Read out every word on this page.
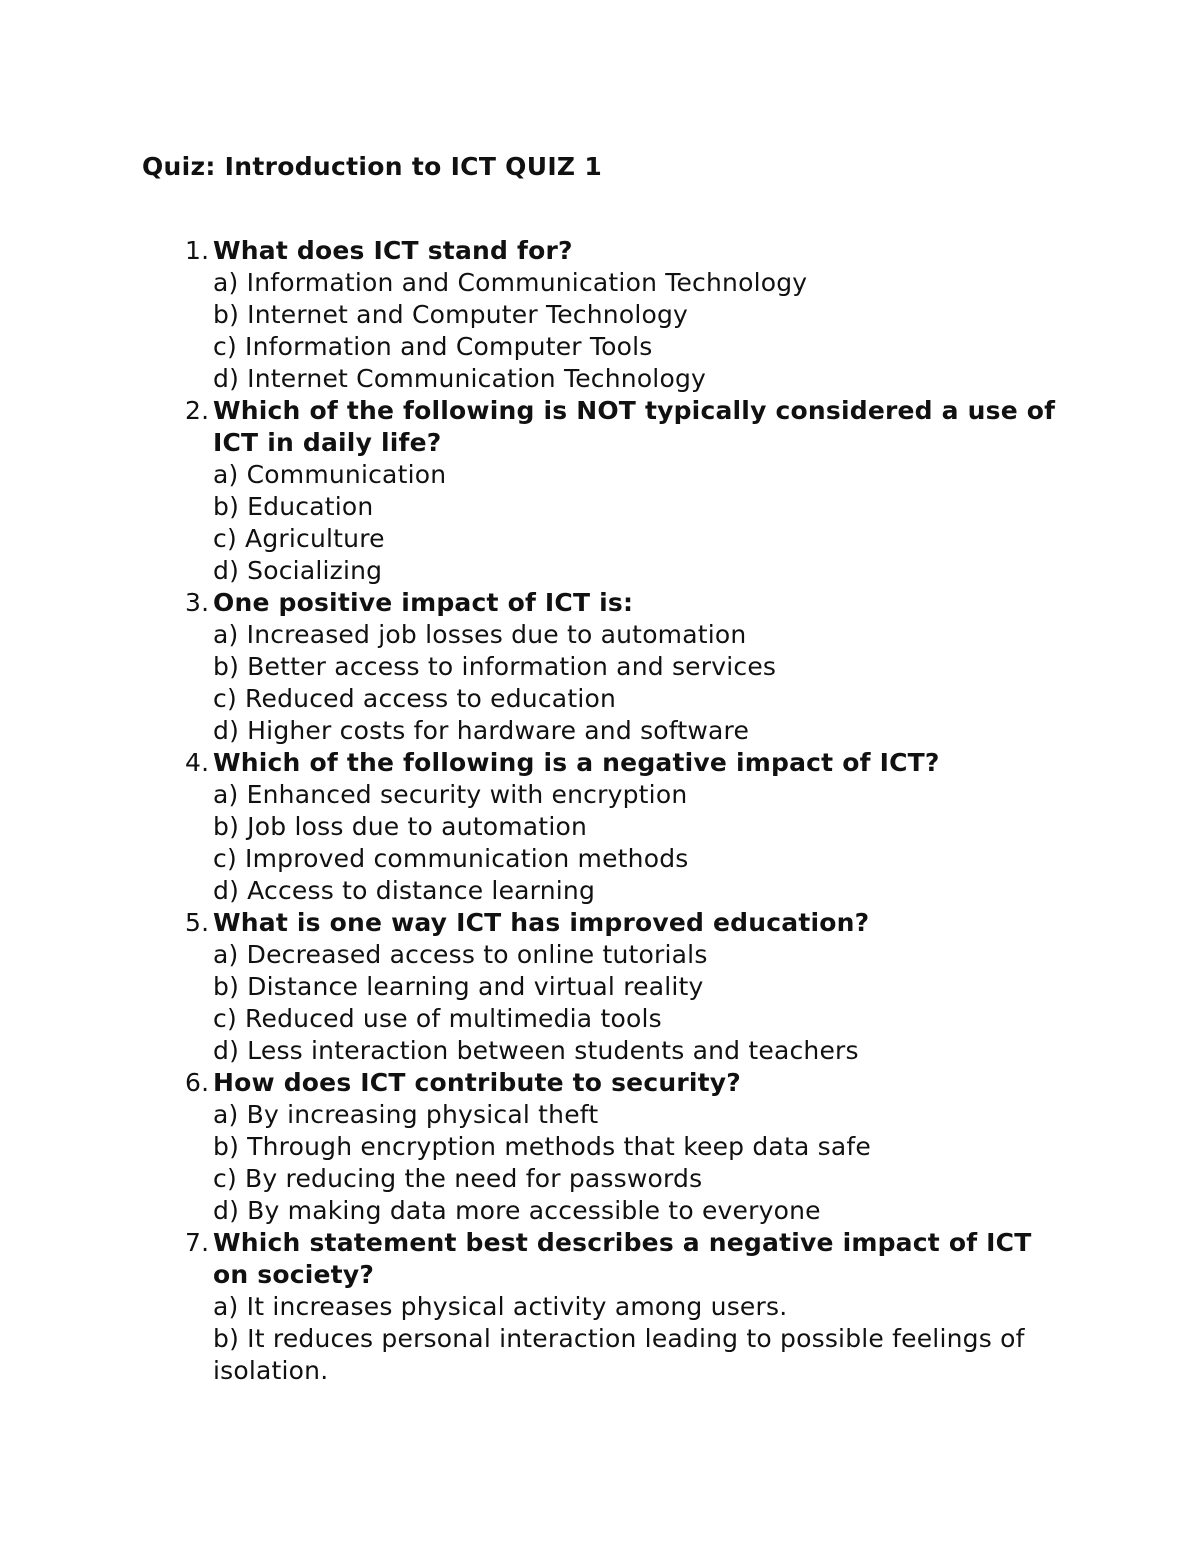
Quiz: Introduction to ICT QUIZ 1
1. What does ICT stand for?
a) Information and Communication Technology
b) Internet and Computer Technology
c) Information and Computer Tools
d) Internet Communication Technology
2. Which of the following is NOT typically considered a use of ICT in daily life?
a) Communication
b) Education
c) Agriculture
d) Socializing
3. One positive impact of ICT is:
a) Increased job losses due to automation
b) Better access to information and services
c) Reduced access to education
d) Higher costs for hardware and software
4. Which of the following is a negative impact of ICT?
a) Enhanced security with encryption
b) Job loss due to automation
c) Improved communication methods
d) Access to distance learning
5. What is one way ICT has improved education?
a) Decreased access to online tutorials
b) Distance learning and virtual reality
c) Reduced use of multimedia tools
d) Less interaction between students and teachers
6. How does ICT contribute to security?
a) By increasing physical theft
b) Through encryption methods that keep data safe
c) By reducing the need for passwords
d) By making data more accessible to everyone
7. Which statement best describes a negative impact of ICT on society?
a) It increases physical activity among users.
b) It reduces personal interaction leading to possible feelings of isolation.
